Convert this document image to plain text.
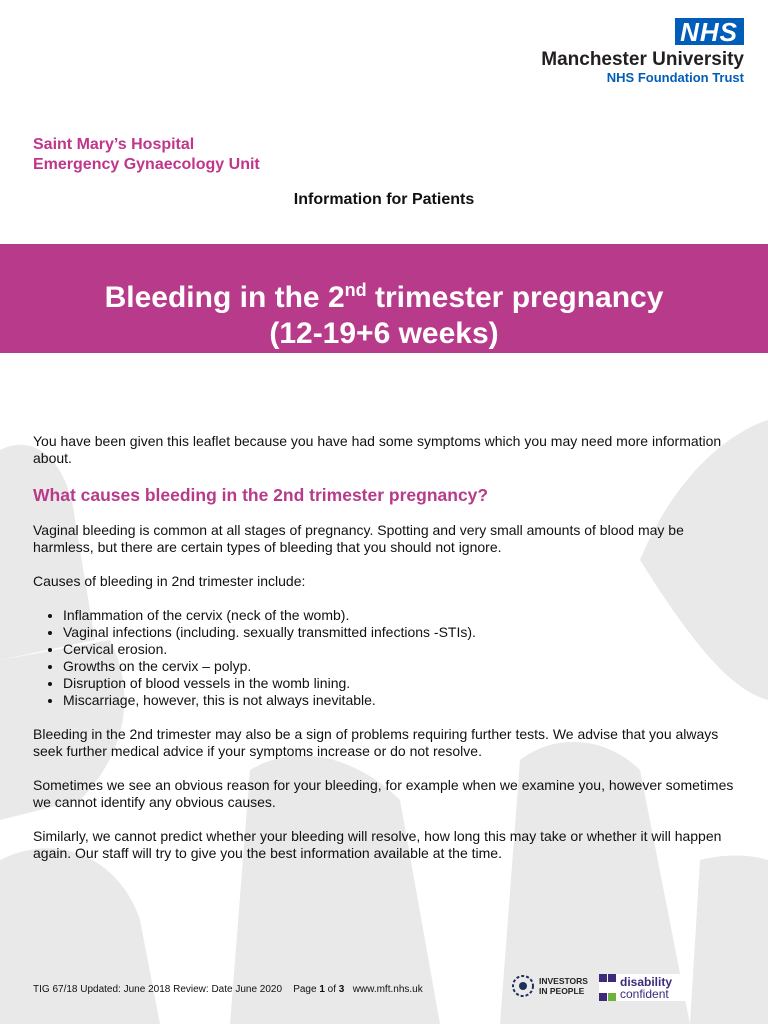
NHS
Manchester University
NHS Foundation Trust
Saint Mary’s Hospital
Emergency Gynaecology Unit
Information for Patients
Bleeding in the 2nd trimester pregnancy
(12-19+6 weeks)

You have been given this leaflet because you have had some symptoms which you may need more information about.

What causes bleeding in the 2nd trimester pregnancy?

Vaginal bleeding is common at all stages of pregnancy. Spotting and very small amounts of blood may be harmless, but there are certain types of bleeding that you should not ignore.

Causes of bleeding in 2nd trimester include:

• Inflammation of the cervix (neck of the womb).
• Vaginal infections (including. sexually transmitted infections -STIs).
• Cervical erosion.
• Growths on the cervix – polyp.
• Disruption of blood vessels in the womb lining.
• Miscarriage, however, this is not always inevitable.

Bleeding in the 2nd trimester may also be a sign of problems requiring further tests. We advise that you always seek further medical advice if your symptoms increase or do not resolve.

Sometimes we see an obvious reason for your bleeding, for example when we examine you, however sometimes we cannot identify any obvious causes.

Similarly, we cannot predict whether your bleeding will resolve, how long this may take or whether it will happen again. Our staff will try to give you the best information available at the time.

TIG 67/18 Updated: June 2018 Review: Date June 2020 Page 1 of 3 www.mft.nhs.uk
INVESTORS
IN PEOPLE
disability
confident
